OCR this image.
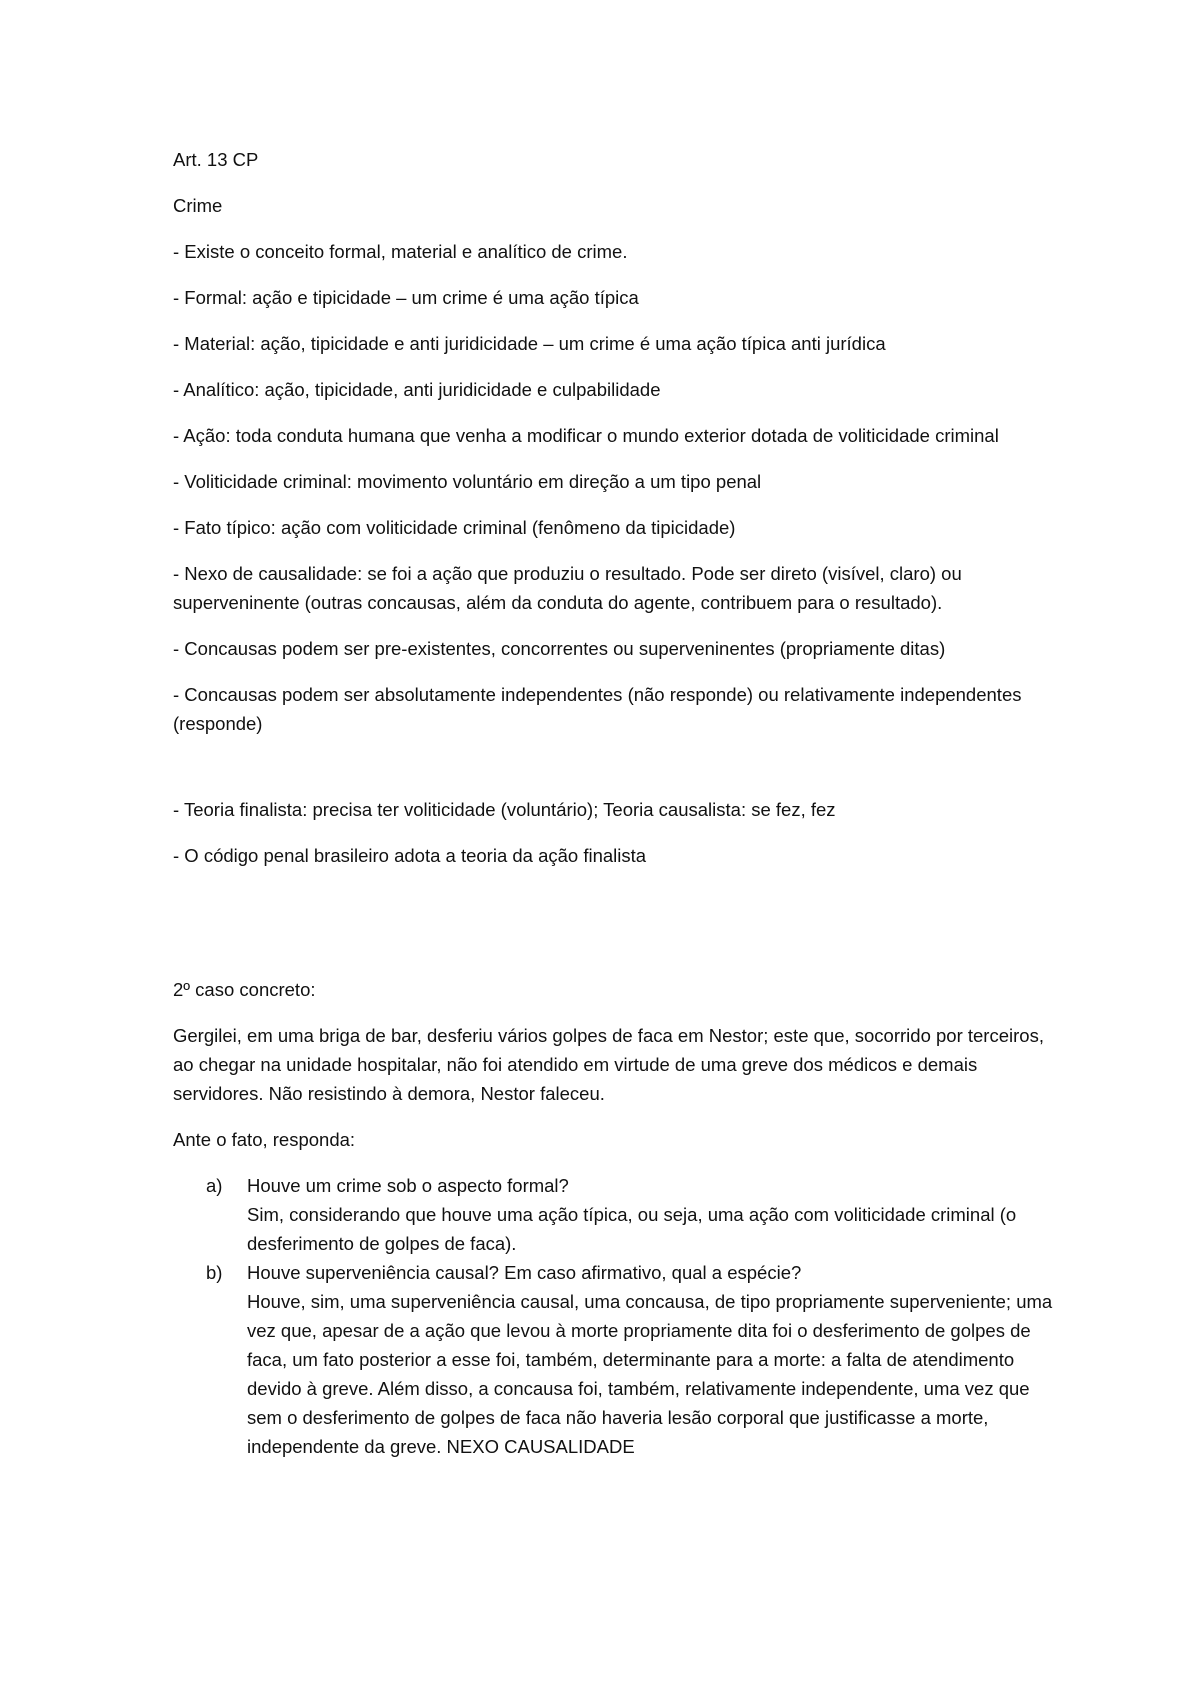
Art. 13 CP

Crime

- Existe o conceito formal, material e analítico de crime.

- Formal: ação e tipicidade – um crime é uma ação típica

- Material: ação, tipicidade e anti juridicidade – um crime é uma ação típica anti jurídica

- Analítico: ação, tipicidade, anti juridicidade e culpabilidade

- Ação: toda conduta humana que venha a modificar o mundo exterior dotada de voliticidade criminal

- Voliticidade criminal: movimento voluntário em direção a um tipo penal

- Fato típico: ação com voliticidade criminal (fenômeno da tipicidade)

- Nexo de causalidade: se foi a ação que produziu o resultado. Pode ser direto (visível, claro) ou superveninente (outras concausas, além da conduta do agente, contribuem para o resultado).

- Concausas podem ser pre-existentes, concorrentes ou superveninentes (propriamente ditas)

- Concausas podem ser absolutamente independentes (não responde) ou relativamente independentes (responde)

- Teoria finalista: precisa ter voliticidade (voluntário); Teoria causalista: se fez, fez

- O código penal brasileiro adota a teoria da ação finalista

2º caso concreto:

Gergilei, em uma briga de bar, desferiu vários golpes de faca em Nestor; este que, socorrido por terceiros, ao chegar na unidade hospitalar, não foi atendido em virtude de uma greve dos médicos e demais servidores. Não resistindo à demora, Nestor faleceu.

Ante o fato, responda:

a) Houve um crime sob o aspecto formal?
Sim, considerando que houve uma ação típica, ou seja, uma ação com voliticidade criminal (o desferimento de golpes de faca).
b) Houve superveniência causal? Em caso afirmativo, qual a espécie?
Houve, sim, uma superveniência causal, uma concausa, de tipo propriamente superveniente; uma vez que, apesar de a ação que levou à morte propriamente dita foi o desferimento de golpes de faca, um fato posterior a esse foi, também, determinante para a morte: a falta de atendimento devido à greve. Além disso, a concausa foi, também, relativamente independente, uma vez que sem o desferimento de golpes de faca não haveria lesão corporal que justificasse a morte, independente da greve. NEXO CAUSALIDADE
